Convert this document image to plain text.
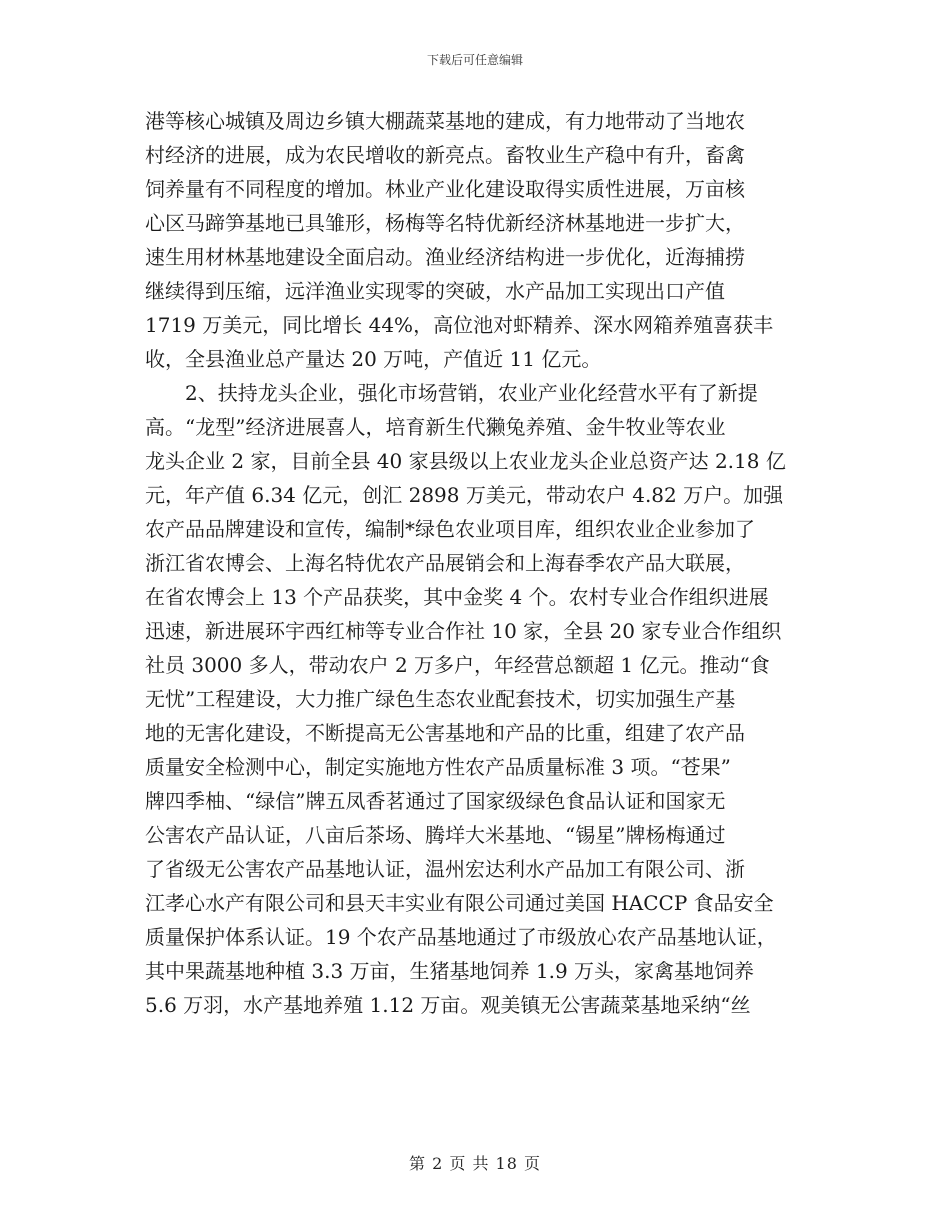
下载后可任意编辑
港等核心城镇及周边乡镇大棚蔬菜基地的建成，有力地带动了当地农
村经济的进展，成为农民增收的新亮点。畜牧业生产稳中有升，畜禽
饲养量有不同程度的增加。林业产业化建设取得实质性进展，万亩核
心区马蹄笋基地已具雏形，杨梅等名特优新经济林基地进一步扩大，
速生用材林基地建设全面启动。渔业经济结构进一步优化，近海捕捞
继续得到压缩，远洋渔业实现零的突破，水产品加工实现出口产值
1719 万美元，同比增长 44%，高位池对虾精养、深水网箱养殖喜获丰
收，全县渔业总产量达 20 万吨，产值近 11 亿元。
　　2、扶持龙头企业，强化市场营销，农业产业化经营水平有了新提
高。“龙型”经济进展喜人，培育新生代獭兔养殖、金牛牧业等农业
龙头企业 2 家，目前全县 40 家县级以上农业龙头企业总资产达 2.18 亿
元，年产值 6.34 亿元，创汇 2898 万美元，带动农户 4.82 万户。加强
农产品品牌建设和宣传，编制*绿色农业项目库，组织农业企业参加了
浙江省农博会、上海名特优农产品展销会和上海春季农产品大联展，
在省农博会上 13 个产品获奖，其中金奖 4 个。农村专业合作组织进展
迅速，新进展环宇西红柿等专业合作社 10 家，全县 20 家专业合作组织
社员 3000 多人，带动农户 2 万多户，年经营总额超 1 亿元。推动“食
无忧”工程建设，大力推广绿色生态农业配套技术，切实加强生产基
地的无害化建设，不断提高无公害基地和产品的比重，组建了农产品
质量安全检测中心，制定实施地方性农产品质量标准 3 项。“苍果”
牌四季柚、“绿信”牌五凤香茗通过了国家级绿色食品认证和国家无
公害农产品认证，八亩后茶场、腾垟大米基地、“锡星”牌杨梅通过
了省级无公害农产品基地认证，温州宏达利水产品加工有限公司、浙
江孝心水产有限公司和县天丰实业有限公司通过美国 HACCP 食品安全
质量保护体系认证。19 个农产品基地通过了市级放心农产品基地认证，
其中果蔬基地种植 3.3 万亩，生猪基地饲养 1.9 万头，家禽基地饲养
5.6 万羽，水产基地养殖 1.12 万亩。观美镇无公害蔬菜基地采纳“丝
第 2 页 共 18 页
